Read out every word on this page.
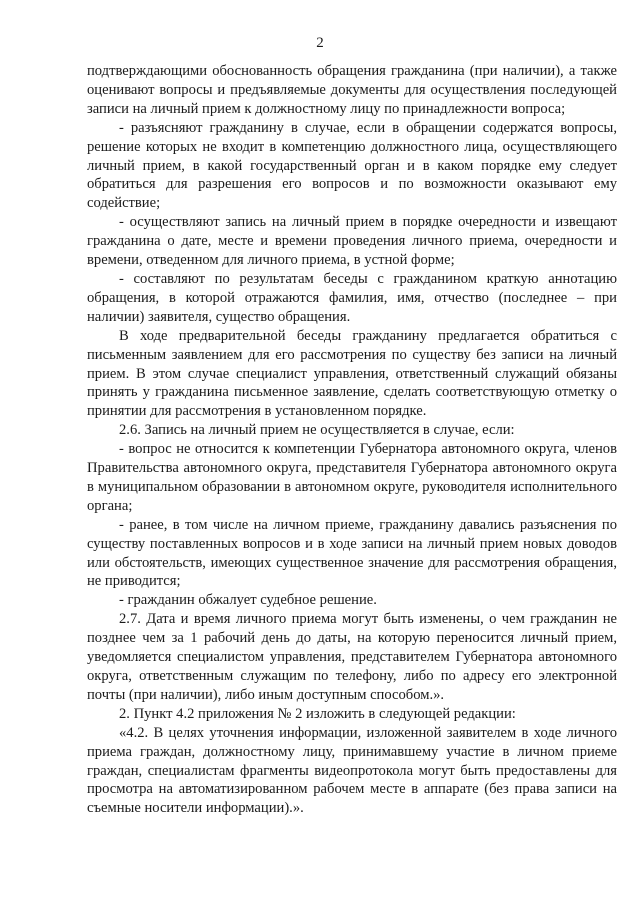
2

подтверждающими обоснованность обращения гражданина (при наличии), а также оценивают вопросы и предъявляемые документы для осуществления последующей записи на личный прием к должностному лицу по принадлежности вопроса;

- разъясняют гражданину в случае, если в обращении содержатся вопросы, решение которых не входит в компетенцию должностного лица, осуществляющего личный прием, в какой государственный орган и в каком порядке ему следует обратиться для разрешения его вопросов и по возможности оказывают ему содействие;

- осуществляют запись на личный прием в порядке очередности и извещают гражданина о дате, месте и времени проведения личного приема, очередности и времени, отведенном для личного приема, в устной форме;

- составляют по результатам беседы с гражданином краткую аннотацию обращения, в которой отражаются фамилия, имя, отчество (последнее – при наличии) заявителя, существо обращения.

В ходе предварительной беседы гражданину предлагается обратиться с письменным заявлением для его рассмотрения по существу без записи на личный прием. В этом случае специалист управления, ответственный служащий обязаны принять у гражданина письменное заявление, сделать соответствующую отметку о принятии для рассмотрения в установленном порядке.

2.6. Запись на личный прием не осуществляется в случае, если:

- вопрос не относится к компетенции Губернатора автономного округа, членов Правительства автономного округа, представителя Губернатора автономного округа в муниципальном образовании в автономном округе, руководителя исполнительного органа;

- ранее, в том числе на личном приеме, гражданину давались разъяснения по существу поставленных вопросов и в ходе записи на личный прием новых доводов или обстоятельств, имеющих существенное значение для рассмотрения обращения, не приводится;

- гражданин обжалует судебное решение.

2.7. Дата и время личного приема могут быть изменены, о чем гражданин не позднее чем за 1 рабочий день до даты, на которую переносится личный прием, уведомляется специалистом управления, представителем Губернатора автономного округа, ответственным служащим по телефону, либо по адресу его электронной почты (при наличии), либо иным доступным способом.».

2. Пункт 4.2 приложения № 2 изложить в следующей редакции:

«4.2. В целях уточнения информации, изложенной заявителем в ходе личного приема граждан, должностному лицу, принимавшему участие в личном приеме граждан, специалистам фрагменты видеопротокола могут быть предоставлены для просмотра на автоматизированном рабочем месте в аппарате (без права записи на съемные носители информации).».
